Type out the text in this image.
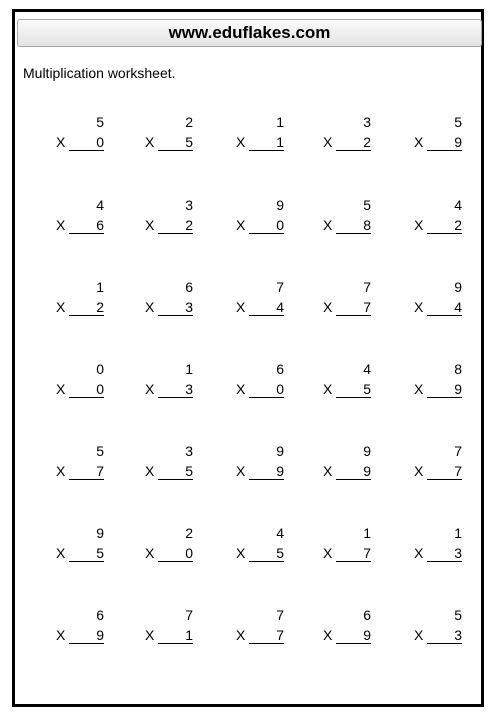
www.eduflakes.com
Multiplication worksheet.
5
X 0
2
X 5
1
X 1
3
X 2
5
X 9
4
X 6
3
X 2
9
X 0
5
X 8
4
X 2
1
X 2
6
X 3
7
X 4
7
X 7
9
X 4
0
X 0
1
X 3
6
X 0
4
X 5
8
X 9
5
X 7
3
X 5
9
X 9
9
X 9
7
X 7
9
X 5
2
X 0
4
X 5
1
X 7
1
X 3
6
X 9
7
X 1
7
X 7
6
X 9
5
X 3
